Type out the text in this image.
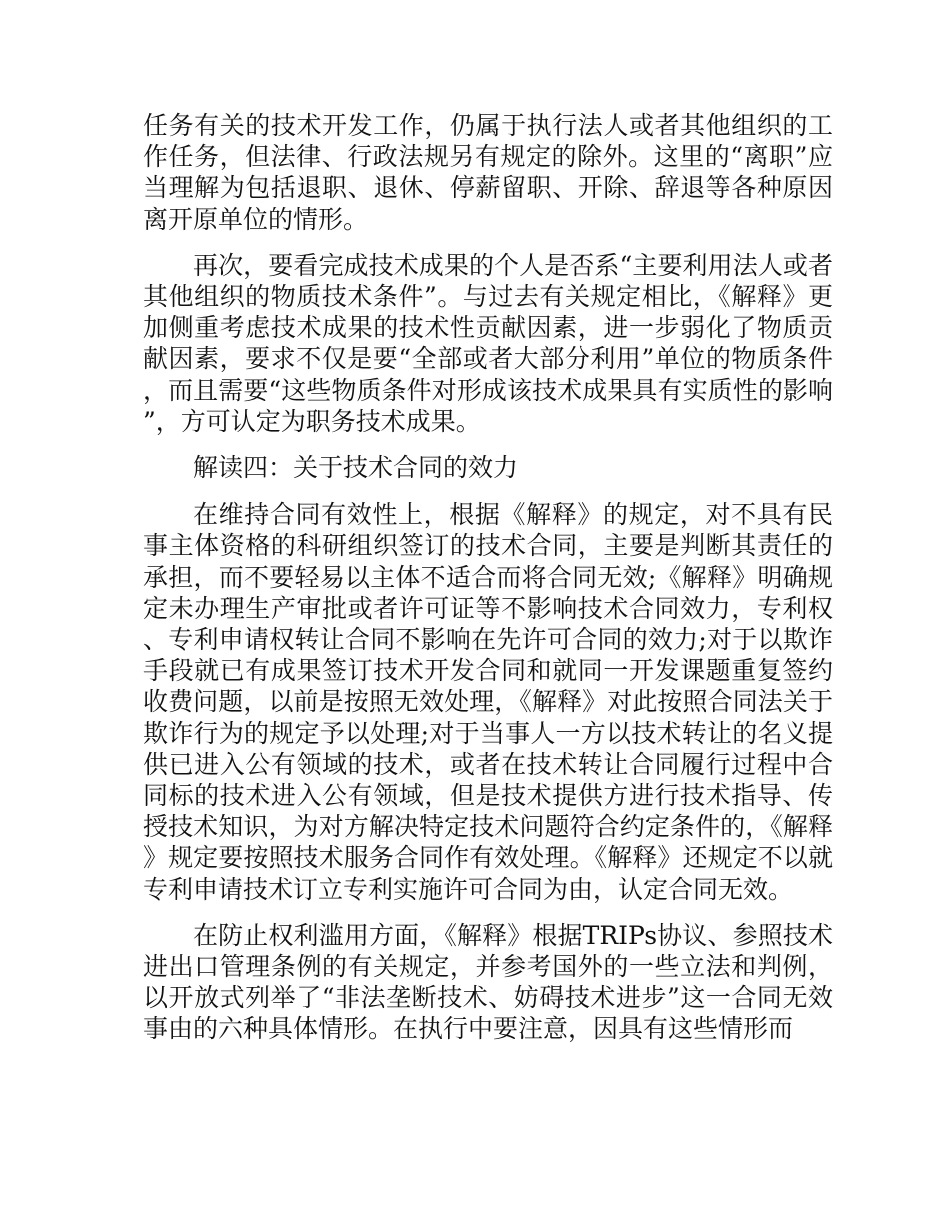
任务有关的技术开发工作，仍属于执行法人或者其他组织的工作任务，但法律、行政法规另有规定的除外。这里的“离职”应当理解为包括退职、退休、停薪留职、开除、辞退等各种原因离开原单位的情形。

再次，要看完成技术成果的个人是否系“主要利用法人或者其他组织的物质技术条件”。与过去有关规定相比，《解释》更加侧重考虑技术成果的技术性贡献因素，进一步弱化了物质贡献因素，要求不仅是要“全部或者大部分利用”单位的物质条件，而且需要“这些物质条件对形成该技术成果具有实质性的影响”，方可认定为职务技术成果。

解读四：关于技术合同的效力

在维持合同有效性上，根据《解释》的规定，对不具有民事主体资格的科研组织签订的技术合同，主要是判断其责任的承担，而不要轻易以主体不适合而将合同无效;《解释》明确规定未办理生产审批或者许可证等不影响技术合同效力，专利权、专利申请权转让合同不影响在先许可合同的效力;对于以欺诈手段就已有成果签订技术开发合同和就同一开发课题重复签约收费问题，以前是按照无效处理，《解释》对此按照合同法关于欺诈行为的规定予以处理;对于当事人一方以技术转让的名义提供已进入公有领域的技术，或者在技术转让合同履行过程中合同标的技术进入公有领域，但是技术提供方进行技术指导、传授技术知识，为对方解决特定技术问题符合约定条件的，《解释》规定要按照技术服务合同作有效处理。《解释》还规定不以就专利申请技术订立专利实施许可合同为由，认定合同无效。

在防止权利滥用方面，《解释》根据TRIPs协议、参照技术进出口管理条例的有关规定，并参考国外的一些立法和判例，以开放式列举了“非法垄断技术、妨碍技术进步”这一合同无效事由的六种具体情形。在执行中要注意，因具有这些情形而
